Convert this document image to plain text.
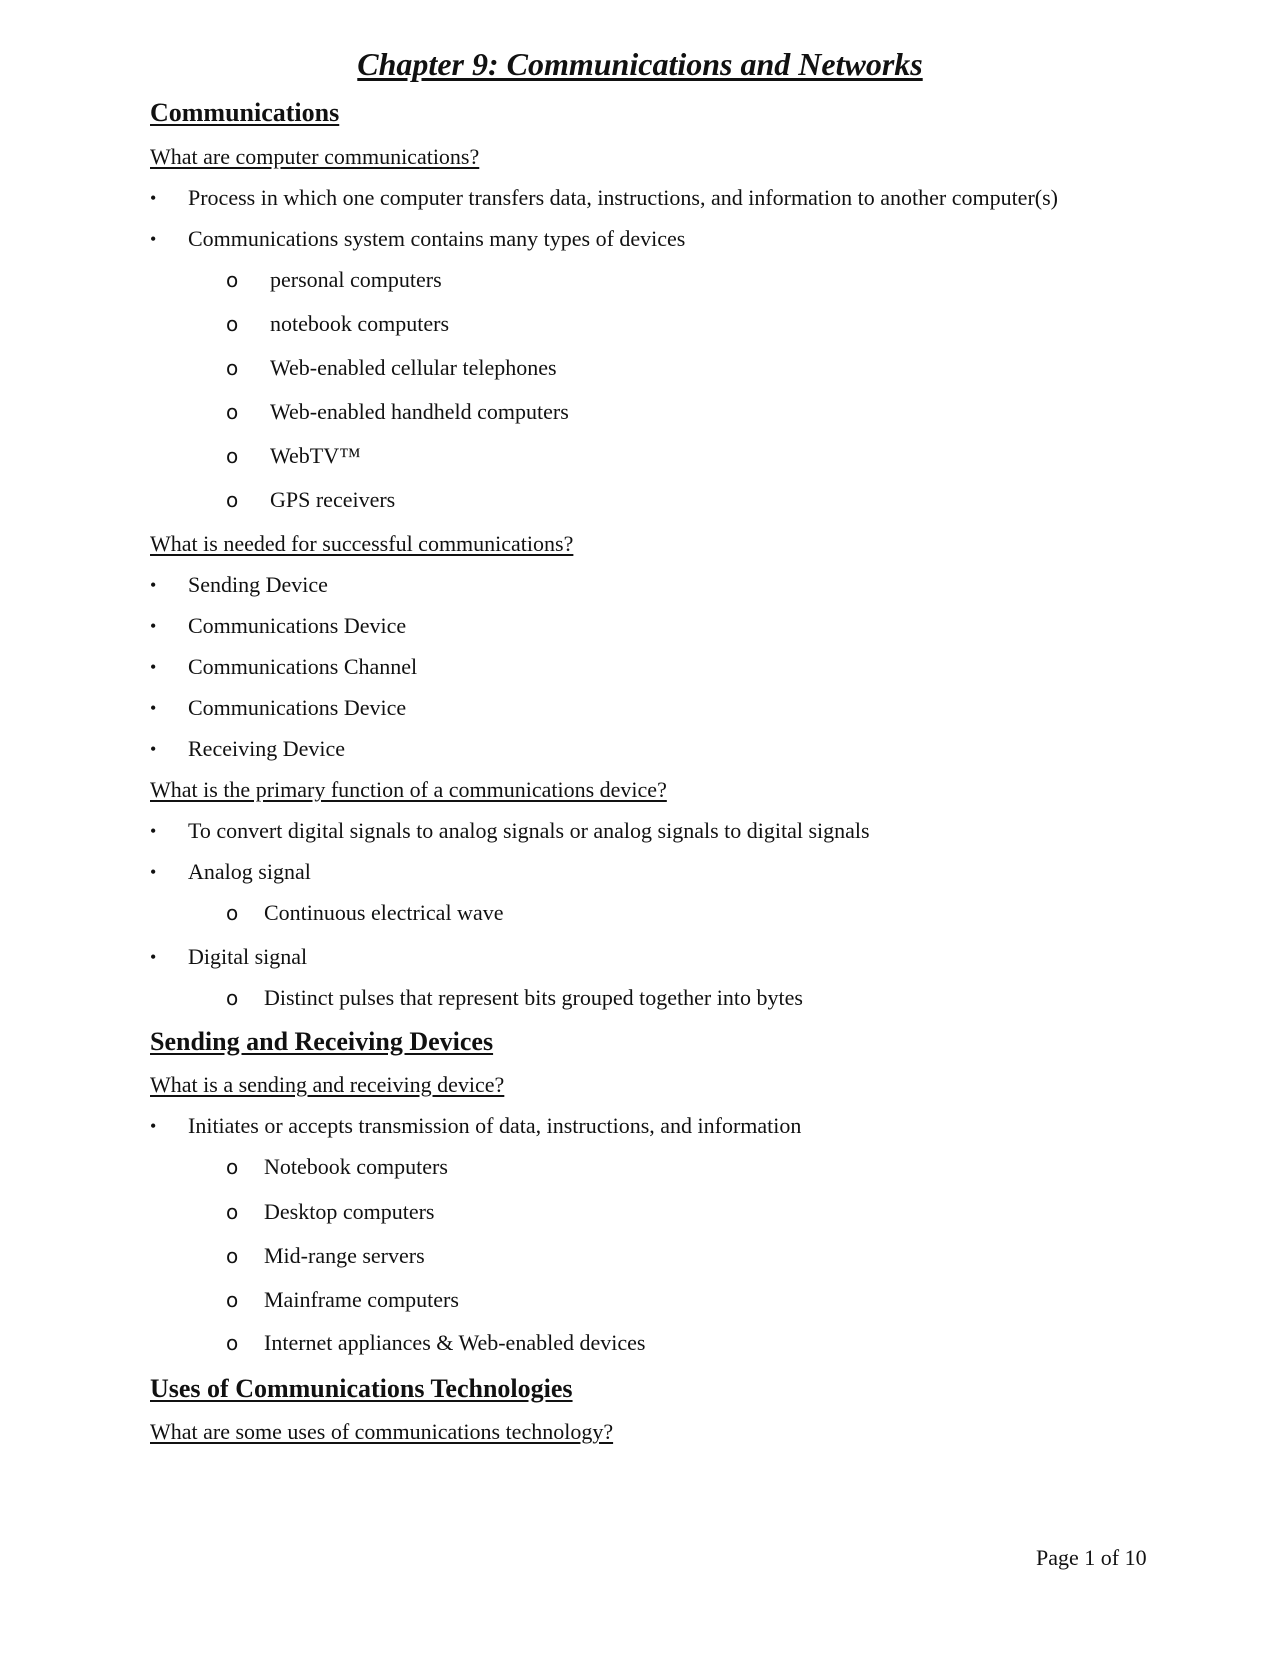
Chapter 9: Communications and Networks
Communications
What are computer communications?
•	Process in which one computer transfers data, instructions, and information to another computer(s)
•	Communications system contains many types of devices
o personal computers
o notebook computers
o Web-enabled cellular telephones
o Web-enabled handheld computers
o WebTV™
o GPS receivers
What is needed for successful communications?
•	Sending Device
•	Communications Device
•	Communications Channel
•	Communications Device
•	Receiving Device
What is the primary function of a communications device?
•	To convert digital signals to analog signals or analog signals to digital signals
•	Analog signal
o Continuous electrical wave
•	Digital signal
o Distinct pulses that represent bits grouped together into bytes
Sending and Receiving Devices
What is a sending and receiving device?
•	Initiates or accepts transmission of data, instructions, and information
o Notebook computers
o Desktop computers
o Mid-range servers
o Mainframe computers
o Internet appliances & Web-enabled devices
Uses of Communications Technologies
What are some uses of communications technology?
Page 1 of 10
